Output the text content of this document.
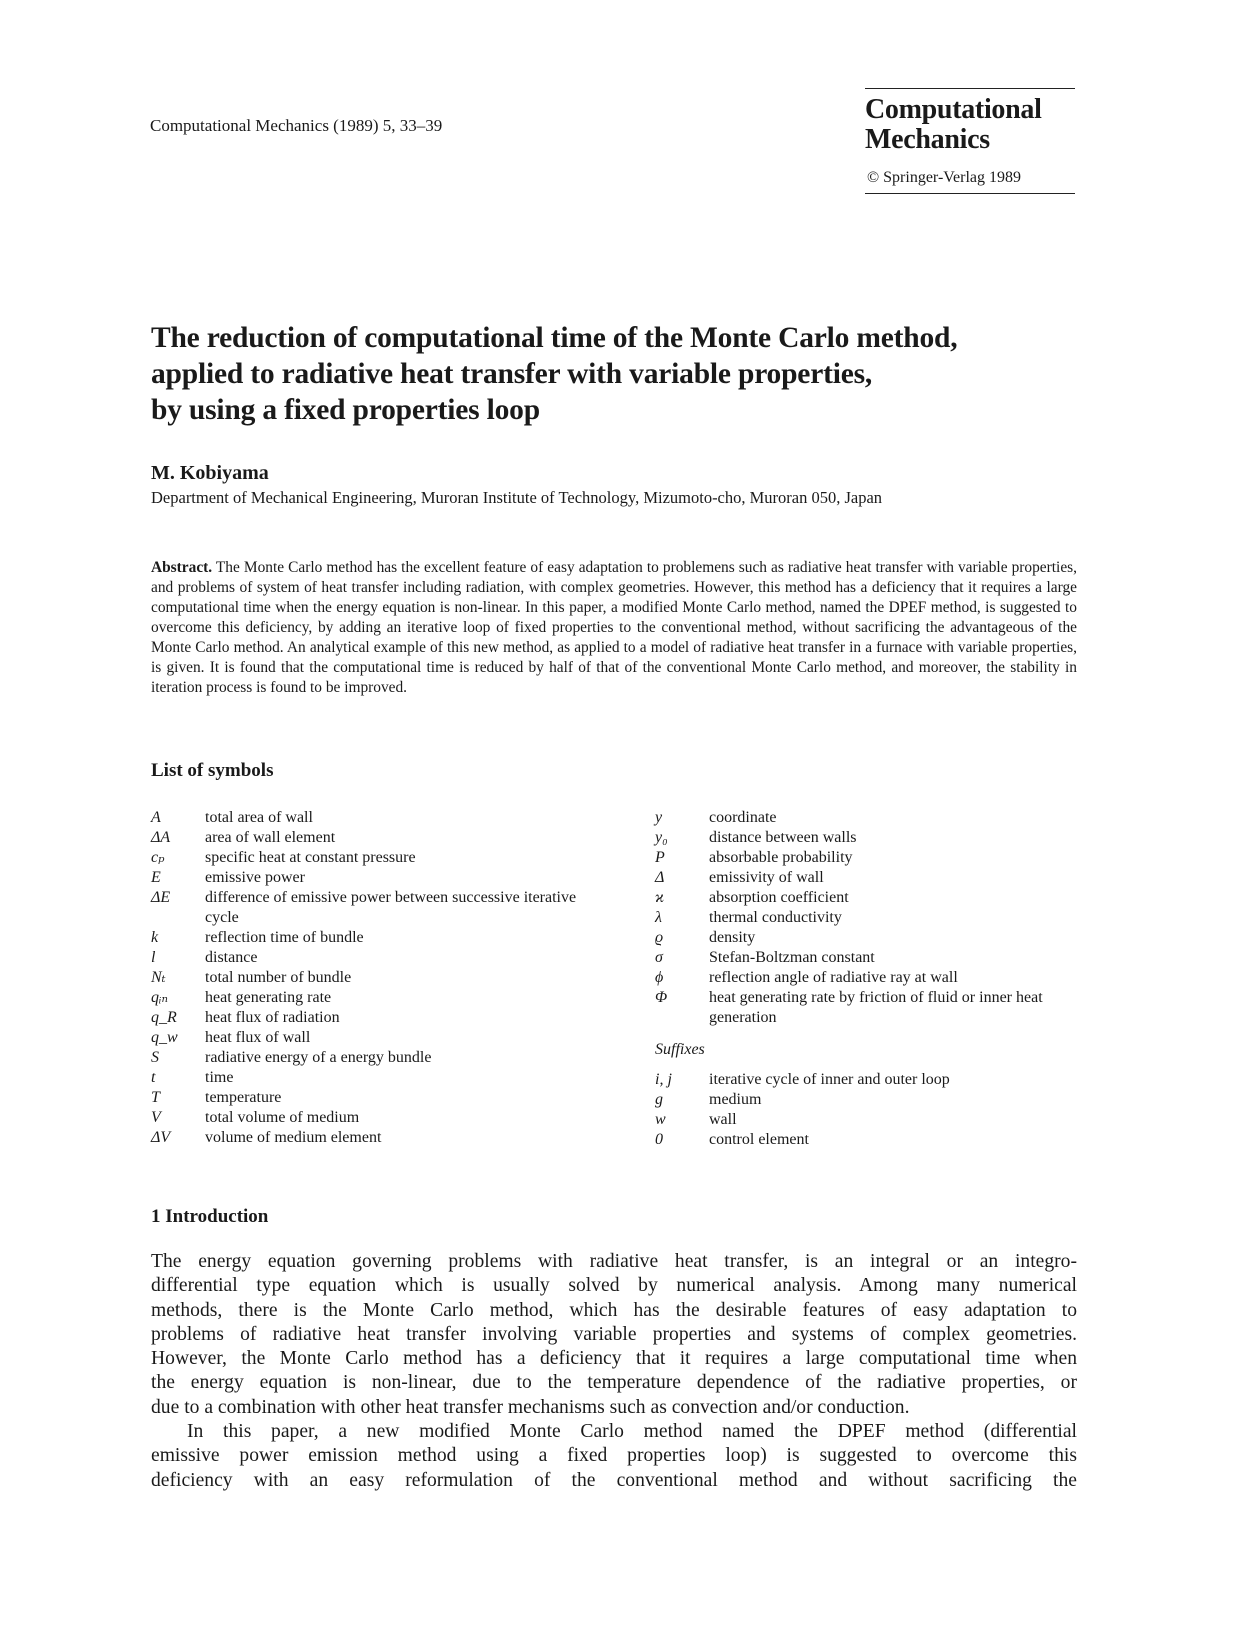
Computational Mechanics (1989) 5, 33–39
Computational
Mechanics
© Springer-Verlag 1989
The reduction of computational time of the Monte Carlo method,
applied to radiative heat transfer with variable properties,
by using a fixed properties loop
M. Kobiyama
Department of Mechanical Engineering, Muroran Institute of Technology, Mizumoto-cho, Muroran 050, Japan
Abstract. The Monte Carlo method has the excellent feature of easy adaptation to problemens such as radiative heat transfer with variable properties, and problems of system of heat transfer including radiation, with complex geometries. However, this method has a deficiency that it requires a large computational time when the energy equation is non-linear. In this paper, a modified Monte Carlo method, named the DPEF method, is suggested to overcome this deficiency, by adding an iterative loop of fixed properties to the conventional method, without sacrificing the advantageous of the Monte Carlo method. An analytical example of this new method, as applied to a model of radiative heat transfer in a furnace with variable properties, is given. It is found that the computational time is reduced by half of that of the conventional Monte Carlo method, and moreover, the stability in iteration process is found to be improved.
List of symbols
A	total area of wall
ΔA	area of wall element
cₚ	specific heat at constant pressure
E	emissive power
ΔE	difference of emissive power between successive iterative cycle
k	reflection time of bundle
l	distance
Nₜ	total number of bundle
qᵢₙ	heat generating rate
q_R	heat flux of radiation
q_w	heat flux of wall
S	radiative energy of a energy bundle
t	time
T	temperature
V	total volume of medium
ΔV	volume of medium element
y	coordinate
y₀	distance between walls
P	absorbable probability
Δ	emissivity of wall
ϰ	absorption coefficient
λ	thermal conductivity
ϱ	density
σ	Stefan-Boltzman constant
ϕ	reflection angle of radiative ray at wall
Φ	heat generating rate by friction of fluid or inner heat generation
Suffixes
i, j	iterative cycle of inner and outer loop
g	medium
w	wall
0	control element
1 Introduction
The energy equation governing problems with radiative heat transfer, is an integral or an integro-
differential type equation which is usually solved by numerical analysis. Among many numerical
methods, there is the Monte Carlo method, which has the desirable features of easy adaptation to
problems of radiative heat transfer involving variable properties and systems of complex geometries.
However, the Monte Carlo method has a deficiency that it requires a large computational time when
the energy equation is non-linear, due to the temperature dependence of the radiative properties, or
due to a combination with other heat transfer mechanisms such as convection and/or conduction.
In this paper, a new modified Monte Carlo method named the DPEF method (differential
emissive power emission method using a fixed properties loop) is suggested to overcome this
deficiency with an easy reformulation of the conventional method and without sacrificing the
